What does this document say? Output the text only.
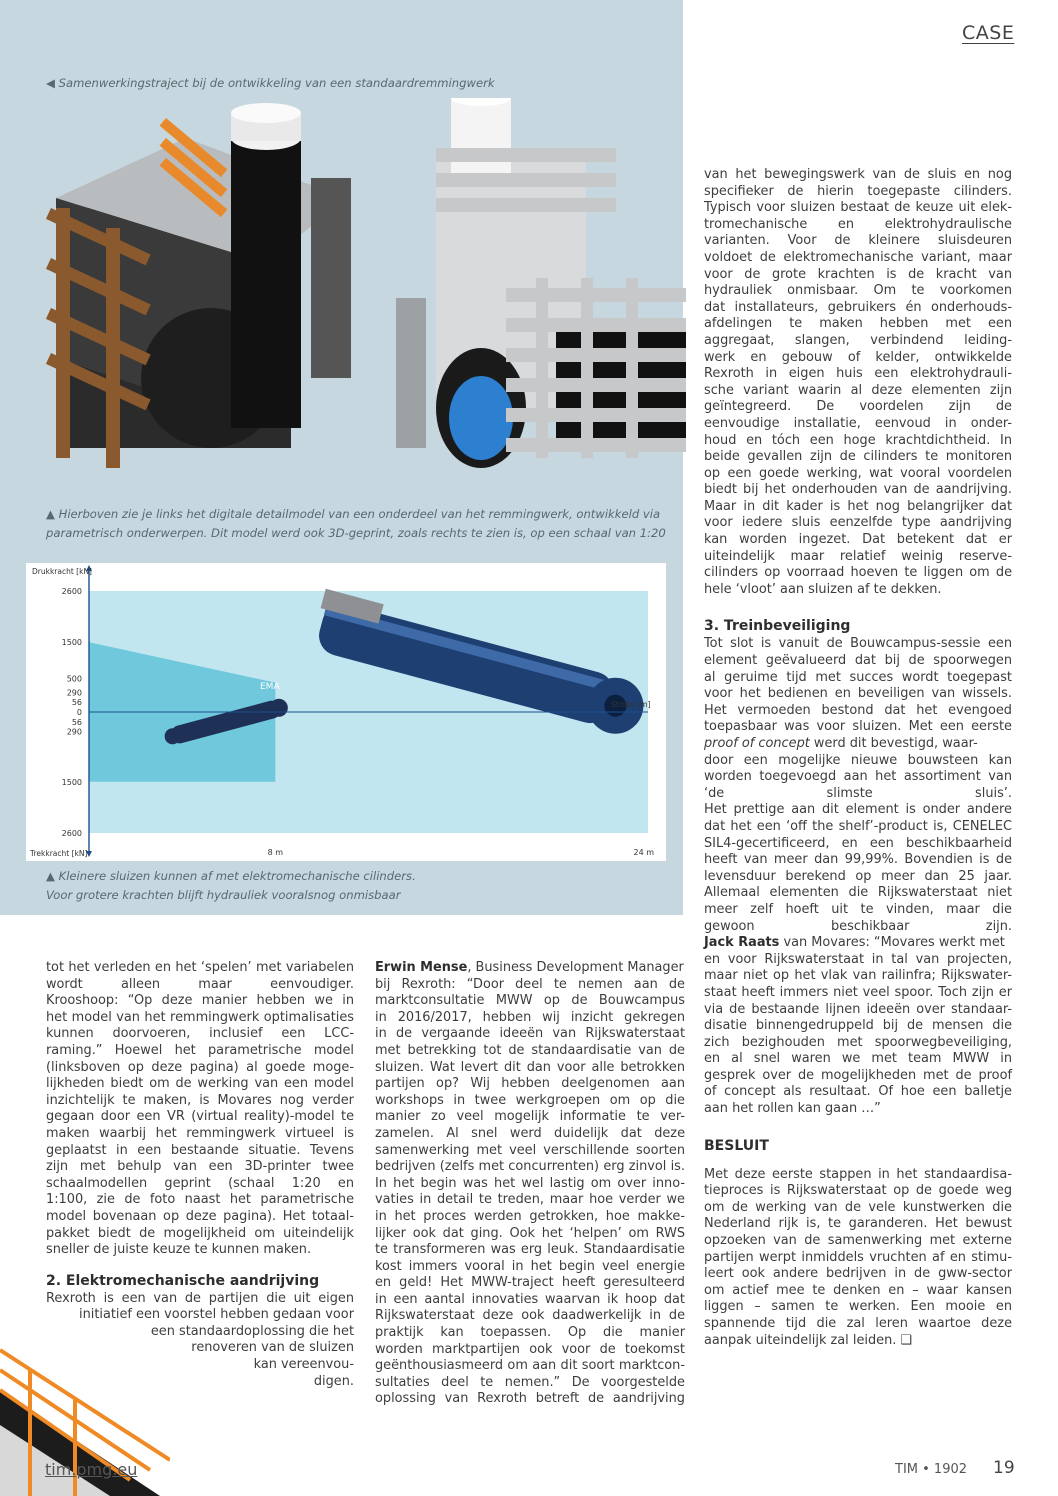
CASE
◀ Samenwerkingstraject bij de ontwikkeling van een standaardremmingwerk
▲ Hierboven zie je links het digitale detailmodel van een onderdeel van het remmingwerk, ontwikkeld via
parametrisch onderwerpen. Dit model werd ook 3D-geprint, zoals rechts te zien is, op een schaal van 1:20
2600
1500
500
290
56
0
56
290
1500
2600
8 m	24 m
Drukkracht [kN]
Trekkracht [kN]
Stroke [m]
EHA
EMA
▲ Kleinere sluizen kunnen af met elektromechanische cilinders.
Voor grotere krachten blijft hydrauliek vooralsnog onmisbaar
tot het verleden en het ‘spelen’ met variabelen
wordt alleen maar eenvoudiger.
Krooshoop: “Op deze manier hebben we in
het model van het remmingwerk optimalisaties
kunnen doorvoeren, inclusief een LCC-
raming.” Hoewel het parametrische model
(linksboven op deze pagina) al goede moge-
lijkheden biedt om de werking van een model
inzichtelijk te maken, is Movares nog verder
gegaan door een VR (virtual reality)-model te
maken waarbij het remmingwerk virtueel is
geplaatst in een bestaande situatie. Tevens
zijn met behulp van een 3D-printer twee
schaalmodellen geprint (schaal 1:20 en
1:100, zie de foto naast het parametrische
model bovenaan op deze pagina). Het totaal-
pakket biedt de mogelijkheid om uiteindelijk
sneller de juiste keuze te kunnen maken.
2. Elektromechanische aandrijving
Rexroth is een van de partijen die uit eigen
initiatief een voorstel hebben gedaan voor
een standaardoplossing die het
renoveren van de sluizen
kan vereenvou-
digen.

Erwin Mense, Business Development Manager

bij Rexroth: “Door deel te nemen aan de
marktconsultatie MWW op de Bouwcampus
in 2016/2017, hebben wij inzicht gekregen
in de vergaande ideeën van Rijkswaterstaat
met betrekking tot de standaardisatie van de
sluizen. Wat levert dit dan voor alle betrokken
partijen op? Wij hebben deelgenomen aan
workshops in twee werkgroepen om op die
manier zo veel mogelijk informatie te ver-
zamelen. Al snel werd duidelijk dat deze
samenwerking met veel verschillende soorten
bedrijven (zelfs met concurrenten) erg zinvol is.
In het begin was het wel lastig om over inno-
vaties in detail te treden, maar hoe verder we
in het proces werden getrokken, hoe makke-
lijker ook dat ging. Ook het ‘helpen’ om RWS
te transformeren was erg leuk. Standaardisatie
kost immers vooral in het begin veel energie
en geld! Het MWW-traject heeft geresulteerd
in een aantal innovaties waarvan ik hoop dat
Rijkswaterstaat deze ook daadwerkelijk in de
praktijk kan toepassen. Op die manier
worden marktpartijen ook voor de toekomst
geënthousiasmeerd om aan dit soort marktcon-
sultaties deel te nemen.” De voorgestelde
oplossing van Rexroth betreft de aandrijving
van het bewegingswerk van de sluis en nog
specifieker de hierin toegepaste cilinders.
Typisch voor sluizen bestaat de keuze uit elek-
tromechanische en elektrohydraulische
varianten. Voor de kleinere sluisdeuren
voldoet de elektromechanische variant, maar
voor de grote krachten is de kracht van
hydrauliek onmisbaar. Om te voorkomen
dat installateurs, gebruikers én onderhouds-
afdelingen te maken hebben met een
aggregaat, slangen, verbindend leiding-
werk en gebouw of kelder, ontwikkelde
Rexroth in eigen huis een elektrohydrauli-
sche variant waarin al deze elementen zijn
geïntegreerd. De voordelen zijn de
eenvoudige installatie, eenvoud in onder-
houd en tóch een hoge krachtdichtheid. In
beide gevallen zijn de cilinders te monitoren
op een goede werking, wat vooral voordelen
biedt bij het onderhouden van de aandrijving.
Maar in dit kader is het nog belangrijker dat
voor iedere sluis eenzelfde type aandrijving
kan worden ingezet. Dat betekent dat er
uiteindelijk maar relatief weinig reserve-
cilinders op voorraad hoeven te liggen om de
hele ‘vloot’ aan sluizen af te dekken.
3. Treinbeveiliging
Tot slot is vanuit de Bouwcampus-sessie een
element geëvalueerd dat bij de spoorwegen
al geruime tijd met succes wordt toegepast
voor het bedienen en beveiligen van wissels.
Het vermoeden bestond dat het evengoed
toepasbaar was voor sluizen. Met een eerste
proof of concept werd dit bevestigd, waar-
door een mogelijke nieuwe bouwsteen kan
worden toegevoegd aan het assortiment van
‘de slimste sluis’.
Het prettige aan dit element is onder andere
dat het een ‘off the shelf’-product is, CENELEC
SIL4-gecertificeerd, en een beschikbaarheid
heeft van meer dan 99,99%. Bovendien is de
levensduur berekend op meer dan 25 jaar.
Allemaal elementen die Rijkswaterstaat niet
meer zelf hoeft uit te vinden, maar die
gewoon beschikbaar zijn.
Jack Raats van Movares: “Movares werkt met
en voor Rijkswaterstaat in tal van projecten,
maar niet op het vlak van railinfra; Rijkswater-
staat heeft immers niet veel spoor. Toch zijn er
via de bestaande lijnen ideeën over standaar-
disatie binnengedruppeld bij de mensen die
zich bezighouden met spoorwegbeveiliging,
en al snel waren we met team MWW in
gesprek over de mogelijkheden met de proof
of concept als resultaat. Of hoe een balletje
aan het rollen kan gaan …”
BESLUIT
Met deze eerste stappen in het standaardisa-
tieproces is Rijkswaterstaat op de goede weg
om de werking van de vele kunstwerken die
Nederland rijk is, te garanderen. Het bewust
opzoeken van de samenwerking met externe
partijen werpt inmiddels vruchten af en stimu-
leert ook andere bedrijven in de gww-sector
om actief mee te denken en – waar kansen
liggen – samen te werken. Een mooie en
spannende tijd die zal leren waartoe deze
aanpak uiteindelijk zal leiden. ❑
tim.pmg.eu	TIM • 1902 19
